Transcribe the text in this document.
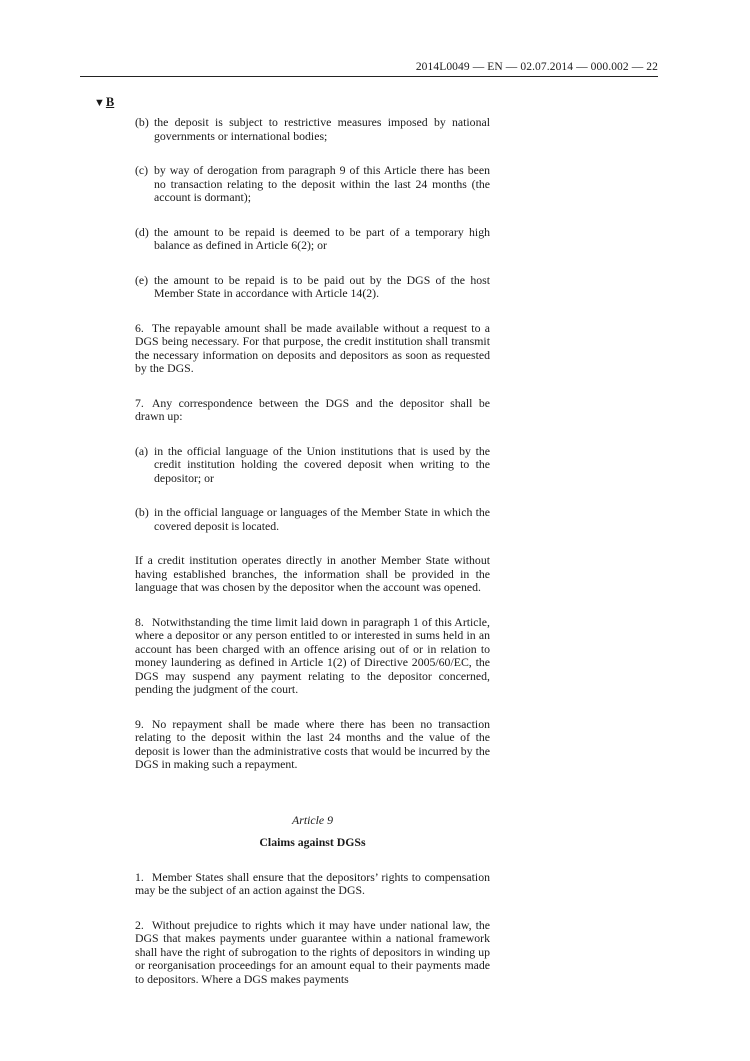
2014L0049 — EN — 02.07.2014 — 000.002 — 22
▼B

(b) the deposit is subject to restrictive measures imposed by national governments or international bodies;

(c) by way of derogation from paragraph 9 of this Article there has been no transaction relating to the deposit within the last 24 months (the account is dormant);

(d) the amount to be repaid is deemed to be part of a temporary high balance as defined in Article 6(2); or

(e) the amount to be repaid is to be paid out by the DGS of the host Member State in accordance with Article 14(2).

6. The repayable amount shall be made available without a request to a DGS being necessary. For that purpose, the credit institution shall transmit the necessary information on deposits and depositors as soon as requested by the DGS.

7. Any correspondence between the DGS and the depositor shall be drawn up:

(a) in the official language of the Union institutions that is used by the credit institution holding the covered deposit when writing to the depositor; or

(b) in the official language or languages of the Member State in which the covered deposit is located.

If a credit institution operates directly in another Member State without having established branches, the information shall be provided in the language that was chosen by the depositor when the account was opened.

8. Notwithstanding the time limit laid down in paragraph 1 of this Article, where a depositor or any person entitled to or interested in sums held in an account has been charged with an offence arising out of or in relation to money laundering as defined in Article 1(2) of Directive 2005/60/EC, the DGS may suspend any payment relating to the depositor concerned, pending the judgment of the court.

9. No repayment shall be made where there has been no transaction relating to the deposit within the last 24 months and the value of the deposit is lower than the administrative costs that would be incurred by the DGS in making such a repayment.

Article 9

Claims against DGSs

1. Member States shall ensure that the depositors’ rights to compensation may be the subject of an action against the DGS.

2. Without prejudice to rights which it may have under national law, the DGS that makes payments under guarantee within a national framework shall have the right of subrogation to the rights of depositors in winding up or reorganisation proceedings for an amount equal to their payments made to depositors. Where a DGS makes payments
